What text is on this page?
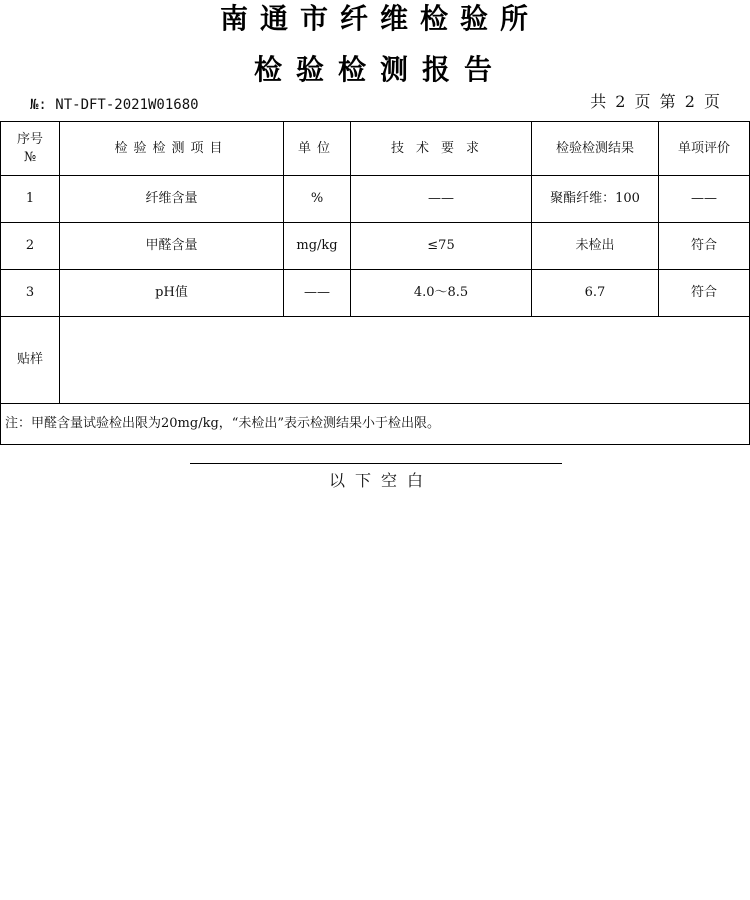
南通市纤维检验所
检验检测报告
№: NT-DFT-2021W01680	共 2 页 第 2 页
序号
№	检验检测项目	单位	技术要求	检验检测结果	单项评价
1	纤维含量	%	——	聚酯纤维：100	——
2	甲醛含量	mg/kg	≤75	未检出	符合
3	pH值	——	4.0～8.5	6.7	符合
贴样					
注：甲醛含量试验检出限为20mg/kg，“未检出”表示检测结果小于检出限。					
以下空白
